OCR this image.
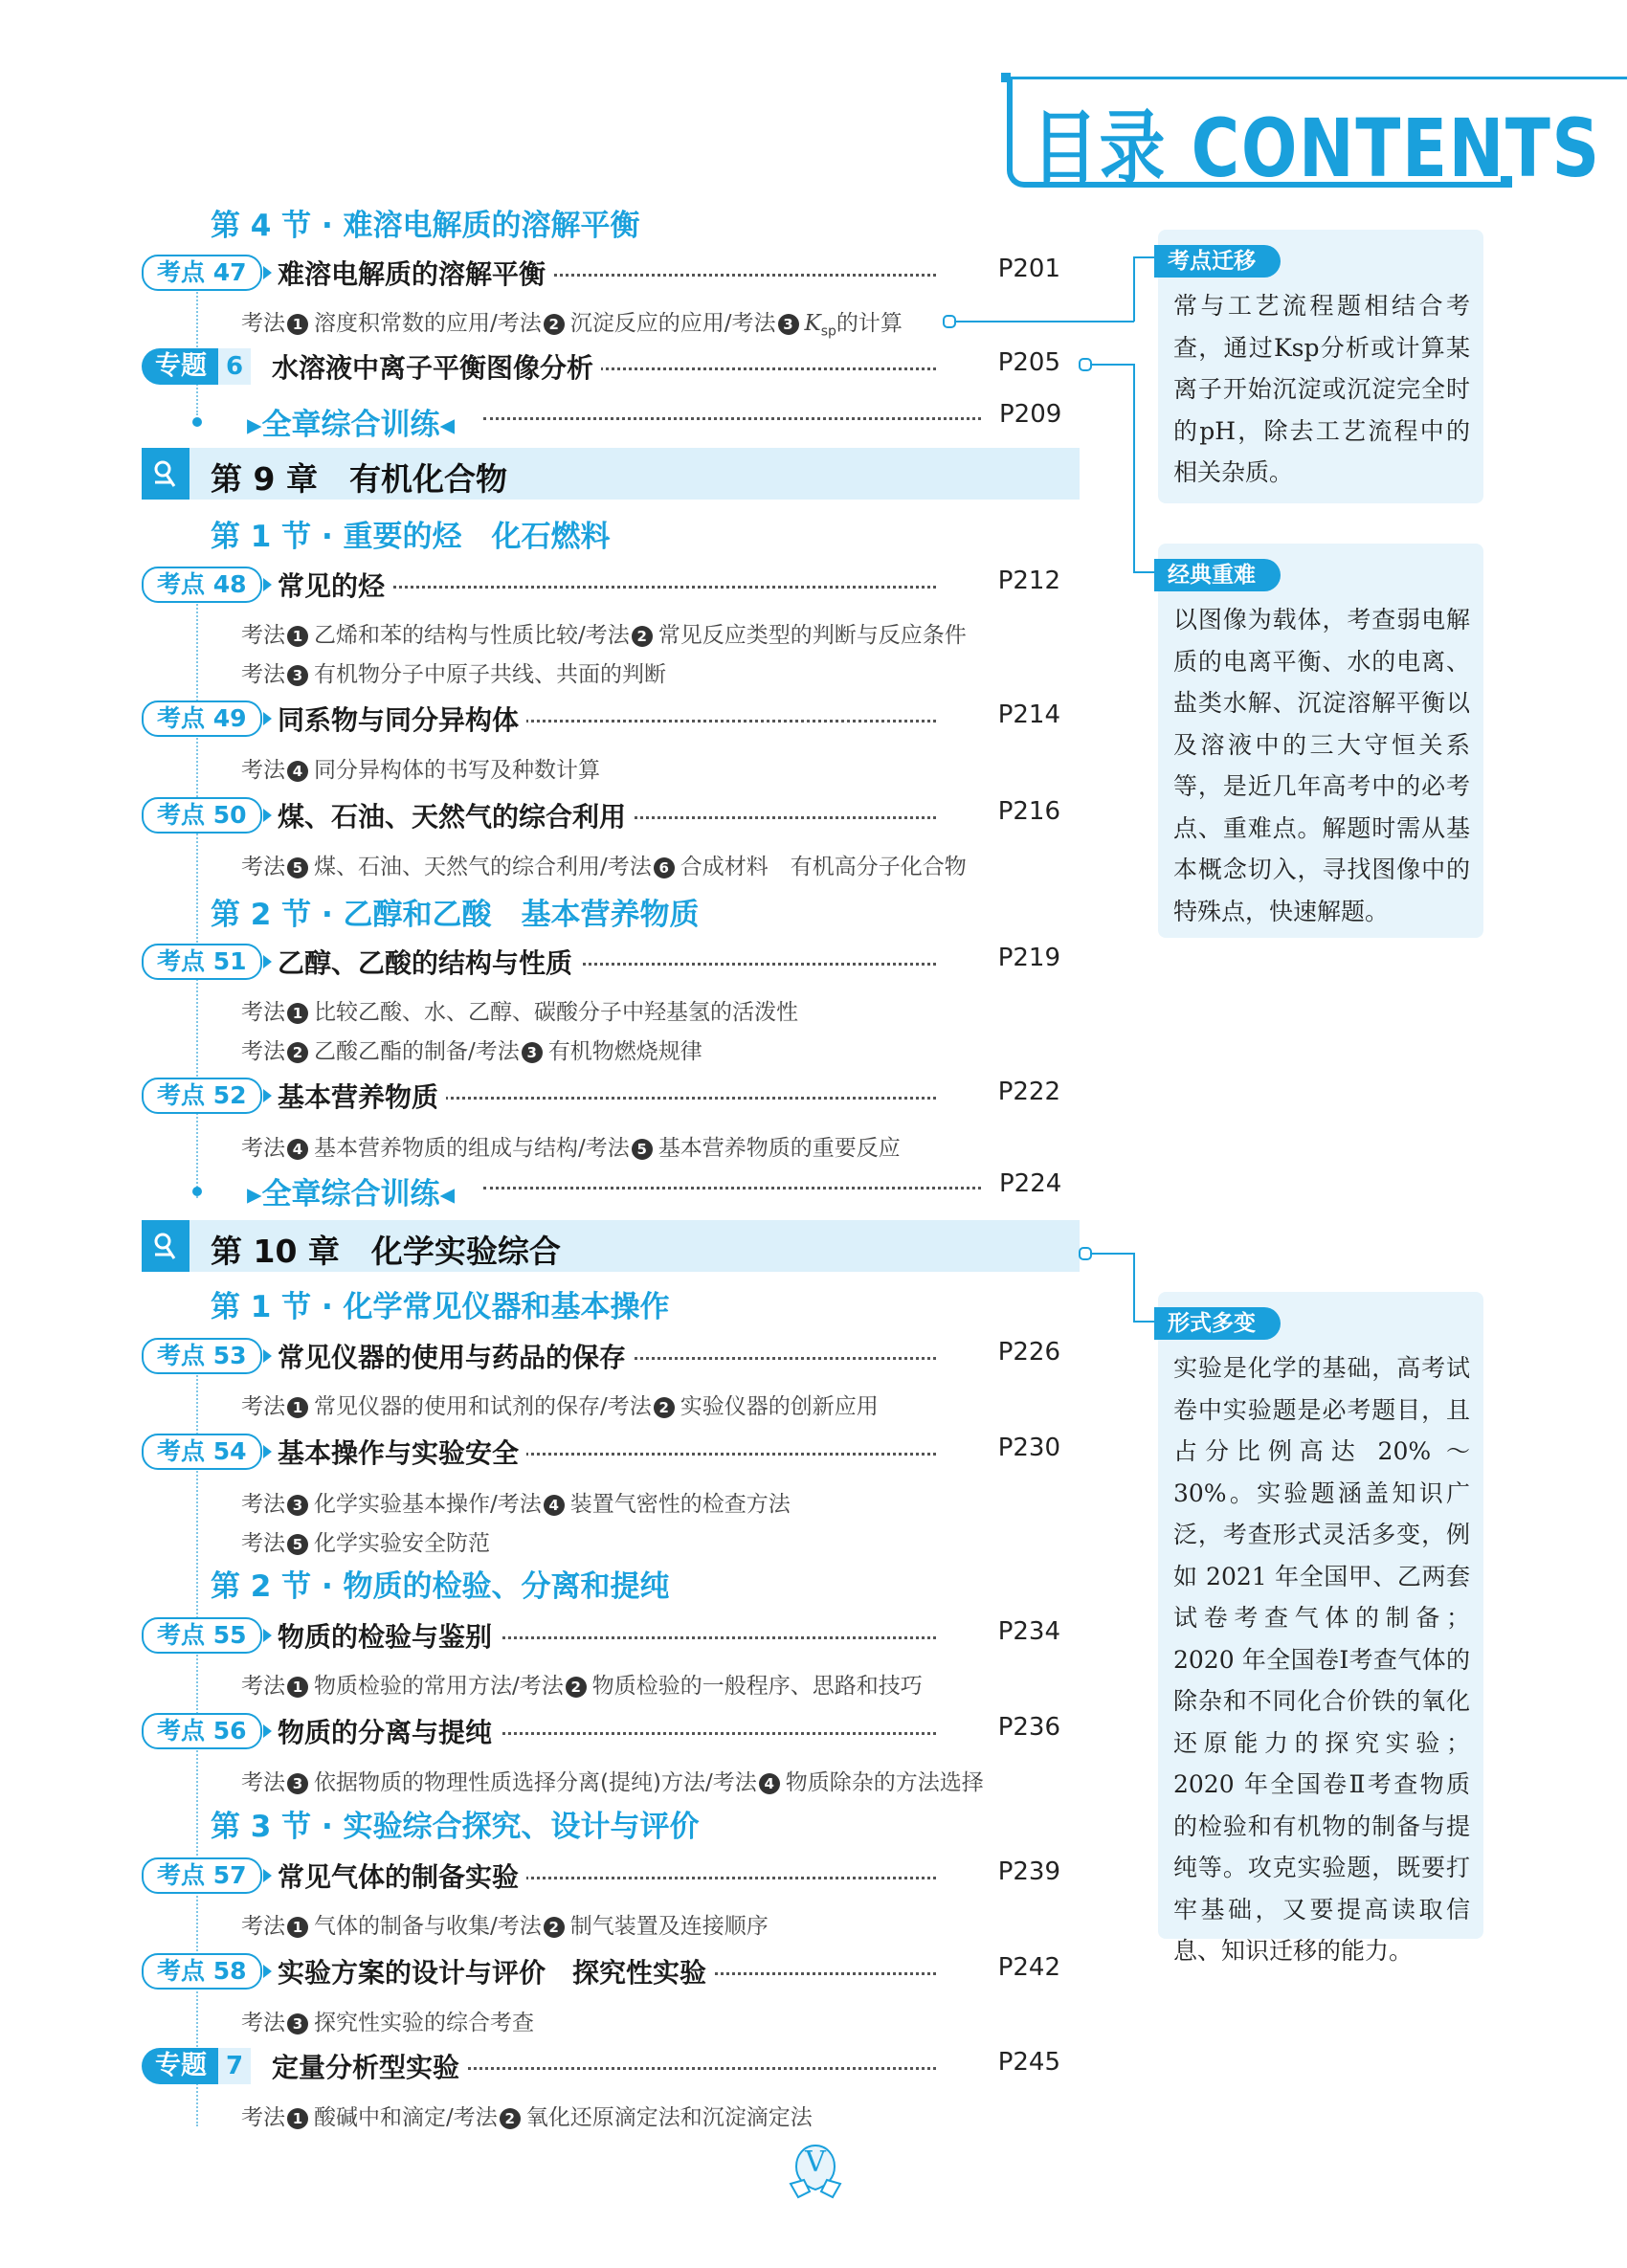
目录 CONTENTS
第 4 节 · 难溶电解质的溶解平衡
考点 47	难溶电解质的溶解平衡	P201
考法 1 溶度积常数的应用/考法 2 沉淀反应的应用/考法 3 $K_{sp}$的计算
专题 6 水溶液中离子平衡图像分析	P205
▸全章综合训练◂	P209
第 9 章　有机化合物
第 1 节 · 重要的烃　化石燃料
考点 48	常见的烃	P212
考法 1 乙烯和苯的结构与性质比较/考法 2 常见反应类型的判断与反应条件
考法 3 有机物分子中原子共线、共面的判断
考点 49	同系物与同分异构体	P214
考法 4 同分异构体的书写及种数计算
考点 50	煤、石油、天然气的综合利用	P216
考法 5 煤、石油、天然气的综合利用/考法 6 合成材料　有机高分子化合物
第 2 节 · 乙醇和乙酸　基本营养物质
考点 51	乙醇、乙酸的结构与性质	P219
考法 1 比较乙酸、水、乙醇、碳酸分子中羟基氢的活泼性
考法 2 乙酸乙酯的制备/考法 3 有机物燃烧规律
考点 52	基本营养物质	P222
考法 4 基本营养物质的组成与结构/考法 5 基本营养物质的重要反应
▸全章综合训练◂	P224
第 10 章　化学实验综合
第 1 节 · 化学常见仪器和基本操作
考点 53	常见仪器的使用与药品的保存	P226
考法 1 常见仪器的使用和试剂的保存/考法 2 实验仪器的创新应用
考点 54	基本操作与实验安全	P230
考法 3 化学实验基本操作/考法 4 装置气密性的检查方法
考法 5 化学实验安全防范
第 2 节 · 物质的检验、分离和提纯
考点 55	物质的检验与鉴别	P234
考法 1 物质检验的常用方法/考法 2 物质检验的一般程序、思路和技巧
考点 56	物质的分离与提纯	P236
考法 3 依据物质的物理性质选择分离(提纯)方法/考法 4 物质除杂的方法选择
第 3 节 · 实验综合探究、设计与评价
考点 57	常见气体的制备实验	P239
考法 1 气体的制备与收集/考法 2 制气装置及连接顺序
考点 58	实验方案的设计与评价　探究性实验	P242
考法 3 探究性实验的综合考查
专题 7 定量分析型实验	P245
考法 1 酸碱中和滴定/考法 2 氧化还原滴定法和沉淀滴定法
考点迁移
常与工艺流程题相结合考查，通过Ksp分析或计算某离子开始沉淀或沉淀完全时的pH，除去工艺流程中的相关杂质。
经典重难
以图像为载体，考查弱电解质的电离平衡、水的电离、盐类水解、沉淀溶解平衡以及溶液中的三大守恒关系等，是近几年高考中的必考点、重难点。解题时需从基本概念切入，寻找图像中的特殊点，快速解题。
形式多变
实验是化学的基础，高考试卷中实验题是必考题目，且占分比例高达 20% ～30%。实验题涵盖知识广泛，考查形式灵活多变，例如 2021 年全国甲、乙两套试卷考查气体的制备；2020 年全国卷Ⅰ考查气体的除杂和不同化合价铁的氧化还原能力的探究实验；2020 年全国卷Ⅱ考查物质的检验和有机物的制备与提纯等。攻克实验题，既要打牢基础，又要提高读取信息、知识迁移的能力。
V
